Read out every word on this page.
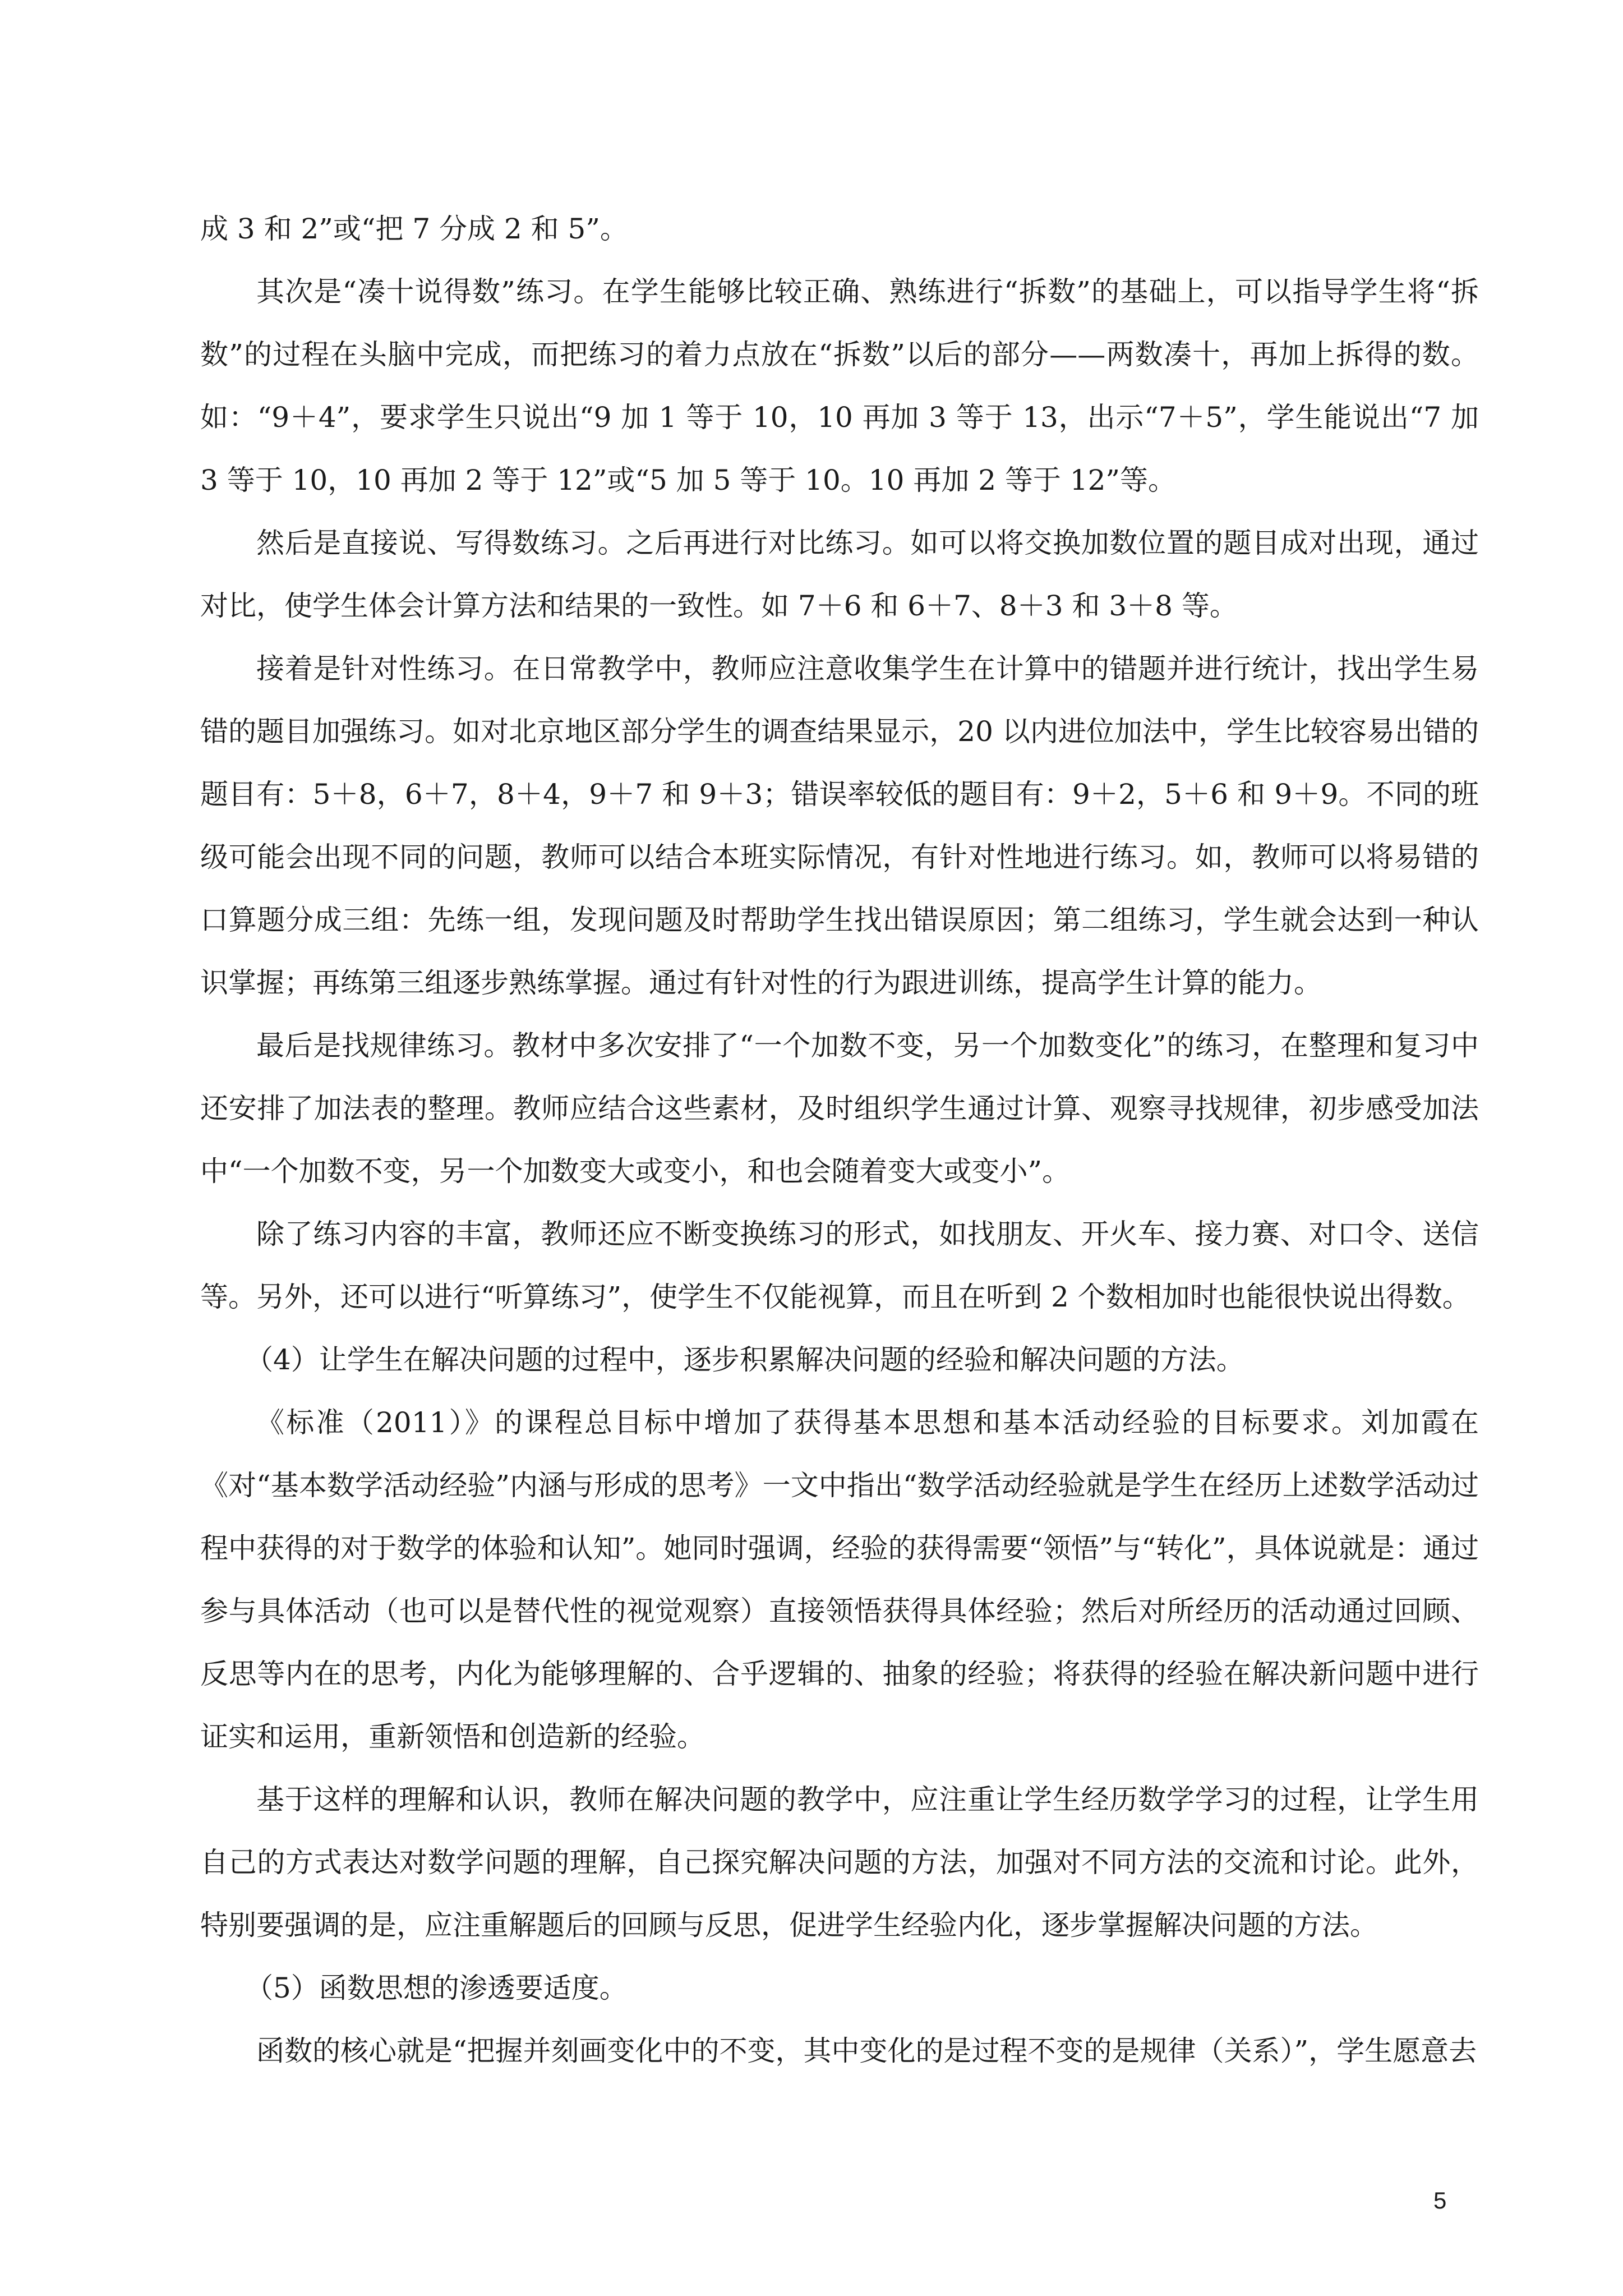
成 3 和 2”或“把 7 分成 2 和 5”。

其次是“凑十说得数”练习。在学生能够比较正确、熟练进行“拆数”的基础上，可以指导学生将“拆数”的过程在头脑中完成，而把练习的着力点放在“拆数”以后的部分——两数凑十，再加上拆得的数。如：“9＋4”，要求学生只说出“9 加 1 等于 10，10 再加 3 等于 13，出示“7＋5”，学生能说出“7 加 3 等于 10，10 再加 2 等于 12”或“5 加 5 等于 10。10 再加 2 等于 12”等。

然后是直接说、写得数练习。之后再进行对比练习。如可以将交换加数位置的题目成对出现，通过对比，使学生体会计算方法和结果的一致性。如 7＋6 和 6＋7、8＋3 和 3＋8 等。

接着是针对性练习。在日常教学中，教师应注意收集学生在计算中的错题并进行统计，找出学生易错的题目加强练习。如对北京地区部分学生的调查结果显示，20 以内进位加法中，学生比较容易出错的题目有：5＋8，6＋7，8＋4，9＋7 和 9＋3；错误率较低的题目有：9＋2，5＋6 和 9＋9。不同的班级可能会出现不同的问题，教师可以结合本班实际情况，有针对性地进行练习。如，教师可以将易错的口算题分成三组：先练一组，发现问题及时帮助学生找出错误原因；第二组练习，学生就会达到一种认识掌握；再练第三组逐步熟练掌握。通过有针对性的行为跟进训练，提高学生计算的能力。

最后是找规律练习。教材中多次安排了“一个加数不变，另一个加数变化”的练习，在整理和复习中还安排了加法表的整理。教师应结合这些素材，及时组织学生通过计算、观察寻找规律，初步感受加法中“一个加数不变，另一个加数变大或变小，和也会随着变大或变小”。

除了练习内容的丰富，教师还应不断变换练习的形式，如找朋友、开火车、接力赛、对口令、送信等。另外，还可以进行“听算练习”，使学生不仅能视算，而且在听到 2 个数相加时也能很快说出得数。

（4）让学生在解决问题的过程中，逐步积累解决问题的经验和解决问题的方法。

《标准（2011）》的课程总目标中增加了获得基本思想和基本活动经验的目标要求。刘加霞在《对“基本数学活动经验”内涵与形成的思考》一文中指出“数学活动经验就是学生在经历上述数学活动过程中获得的对于数学的体验和认知”。她同时强调，经验的获得需要“领悟”与“转化”，具体说就是：通过参与具体活动（也可以是替代性的视觉观察）直接领悟获得具体经验；然后对所经历的活动通过回顾、反思等内在的思考，内化为能够理解的、合乎逻辑的、抽象的经验；将获得的经验在解决新问题中进行证实和运用，重新领悟和创造新的经验。

基于这样的理解和认识，教师在解决问题的教学中，应注重让学生经历数学学习的过程，让学生用自己的方式表达对数学问题的理解，自己探究解决问题的方法，加强对不同方法的交流和讨论。此外，特别要强调的是，应注重解题后的回顾与反思，促进学生经验内化，逐步掌握解决问题的方法。

（5）函数思想的渗透要适度。

函数的核心就是“把握并刻画变化中的不变，其中变化的是过程不变的是规律（关系）”，学生愿意去

5
